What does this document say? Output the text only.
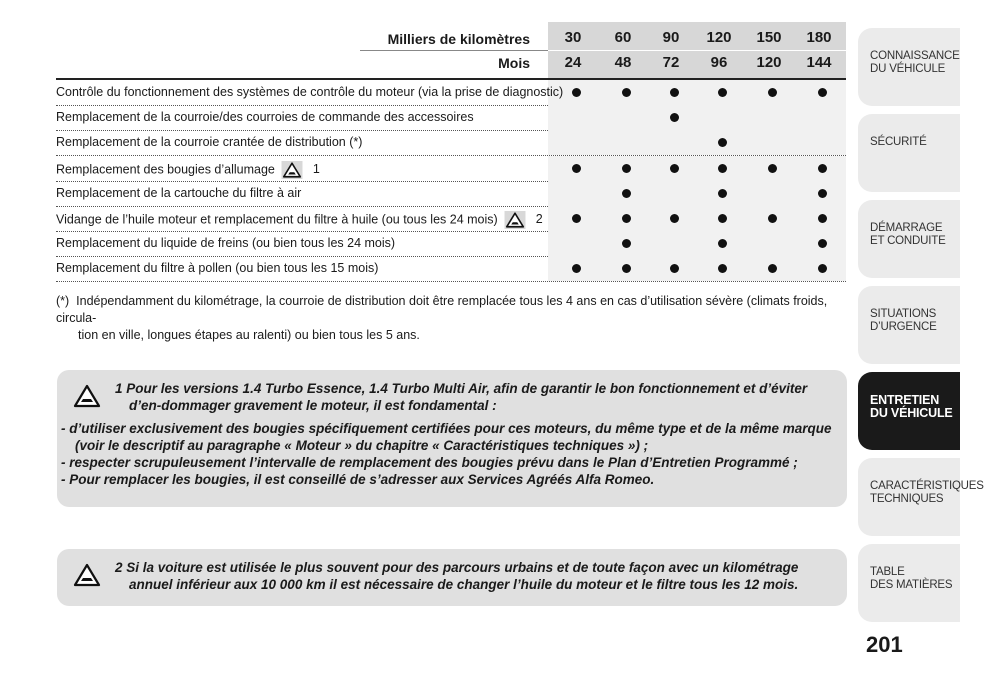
Milliers de kilomètres
Mois
30
24
60
48
90
72
120
96
150
120
180
144
Contrôle du fonctionnement des systèmes de contrôle du moteur (via la prise de diagnostic)
Remplacement de la courroie/des courroies de commande des accessoires
Remplacement de la courroie crantée de distribution (*)
Remplacement des bougies d’allumage	1
Remplacement de la cartouche du filtre à air
Vidange de l’huile moteur et remplacement du filtre à huile (ou tous les 24 mois)	2
Remplacement du liquide de freins (ou bien tous les 24 mois)
Remplacement du filtre à pollen (ou bien tous les 15 mois)
(*) Indépendamment du kilométrage, la courroie de distribution doit être remplacée tous les 4 ans en cas d’utilisation sévère (climats froids, circula-
tion en ville, longues étapes au ralenti) ou bien tous les 5 ans.
1 Pour les versions 1.4 Turbo Essence, 1.4 Turbo Multi Air, afin de garantir le bon fonctionnement et d’éviter d’en-dommager gravement le moteur, il est fondamental :
- d’utiliser exclusivement des bougies spécifiquement certifiées pour ces moteurs, du même type et de la même marque (voir le descriptif au paragraphe « Moteur » du chapitre « Caractéristiques techniques ») ;
- respecter scrupuleusement l’intervalle de remplacement des bougies prévu dans le Plan d’Entretien Programmé ;
- Pour remplacer les bougies, il est conseillé de s’adresser aux Services Agréés Alfa Romeo.
2 Si la voiture est utilisée le plus souvent pour des parcours urbains et de toute façon avec un kilométrage annuel inférieur aux 10 000 km il est nécessaire de changer l’huile du moteur et le filtre tous les 12 mois.
CONNAISSANCE
DU VÉHICULE
SÉCURITÉ
DÉMARRAGE
ET CONDUITE
SITUATIONS
D’URGENCE
ENTRETIEN
DU VÉHICULE
CARACTÉRISTIQUES
TECHNIQUES
TABLE
DES MATIÈRES
201
